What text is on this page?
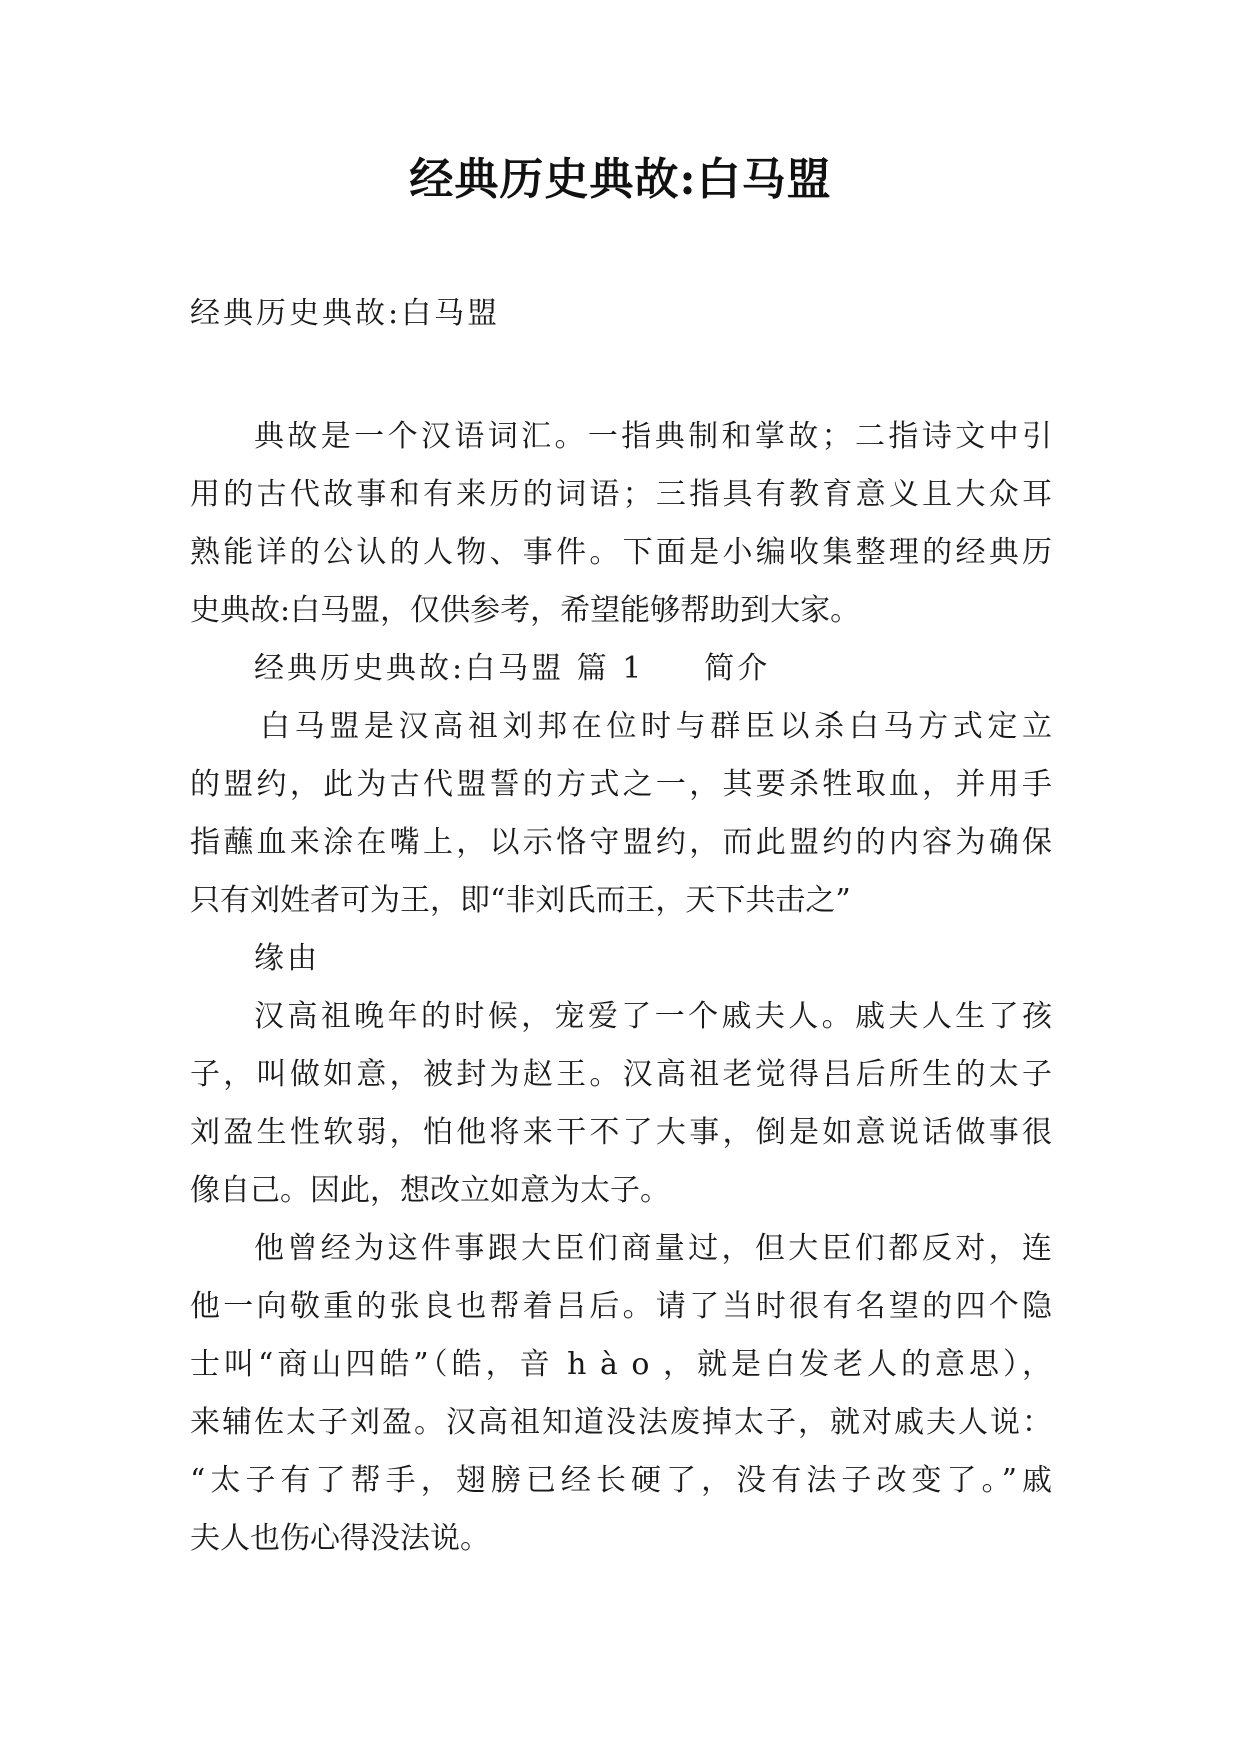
经典历史典故:白马盟
经典历史典故:白马盟

典故是一个汉语词汇。一指典制和掌故；二指诗文中引
用的古代故事和有来历的词语；三指具有教育意义且大众耳
熟能详的公认的人物、事件。下面是小编收集整理的经典历
史典故:白马盟，仅供参考，希望能够帮助到大家。

经典历史典故:白马盟 篇 1 简介

白马盟是汉高祖刘邦在位时与群臣以杀白马方式定立
的盟约，此为古代盟誓的方式之一，其要杀牲取血，并用手
指蘸血来涂在嘴上，以示恪守盟约，而此盟约的内容为确保
只有刘姓者可为王，即“非刘氏而王，天下共击之”

缘由

汉高祖晚年的时候，宠爱了一个戚夫人。戚夫人生了孩
子，叫做如意，被封为赵王。汉高祖老觉得吕后所生的太子
刘盈生性软弱，怕他将来干不了大事，倒是如意说话做事很
像自己。因此，想改立如意为太子。

他曾经为这件事跟大臣们商量过，但大臣们都反对，连
他一向敬重的张良也帮着吕后。请了当时很有名望的四个隐
士叫“商山四皓”（皓，音 h à o ，就是白发老人的意思），
来辅佐太子刘盈。汉高祖知道没法废掉太子，就对戚夫人说：
“太子有了帮手，翅膀已经长硬了，没有法子改变了。”戚
夫人也伤心得没法说。
